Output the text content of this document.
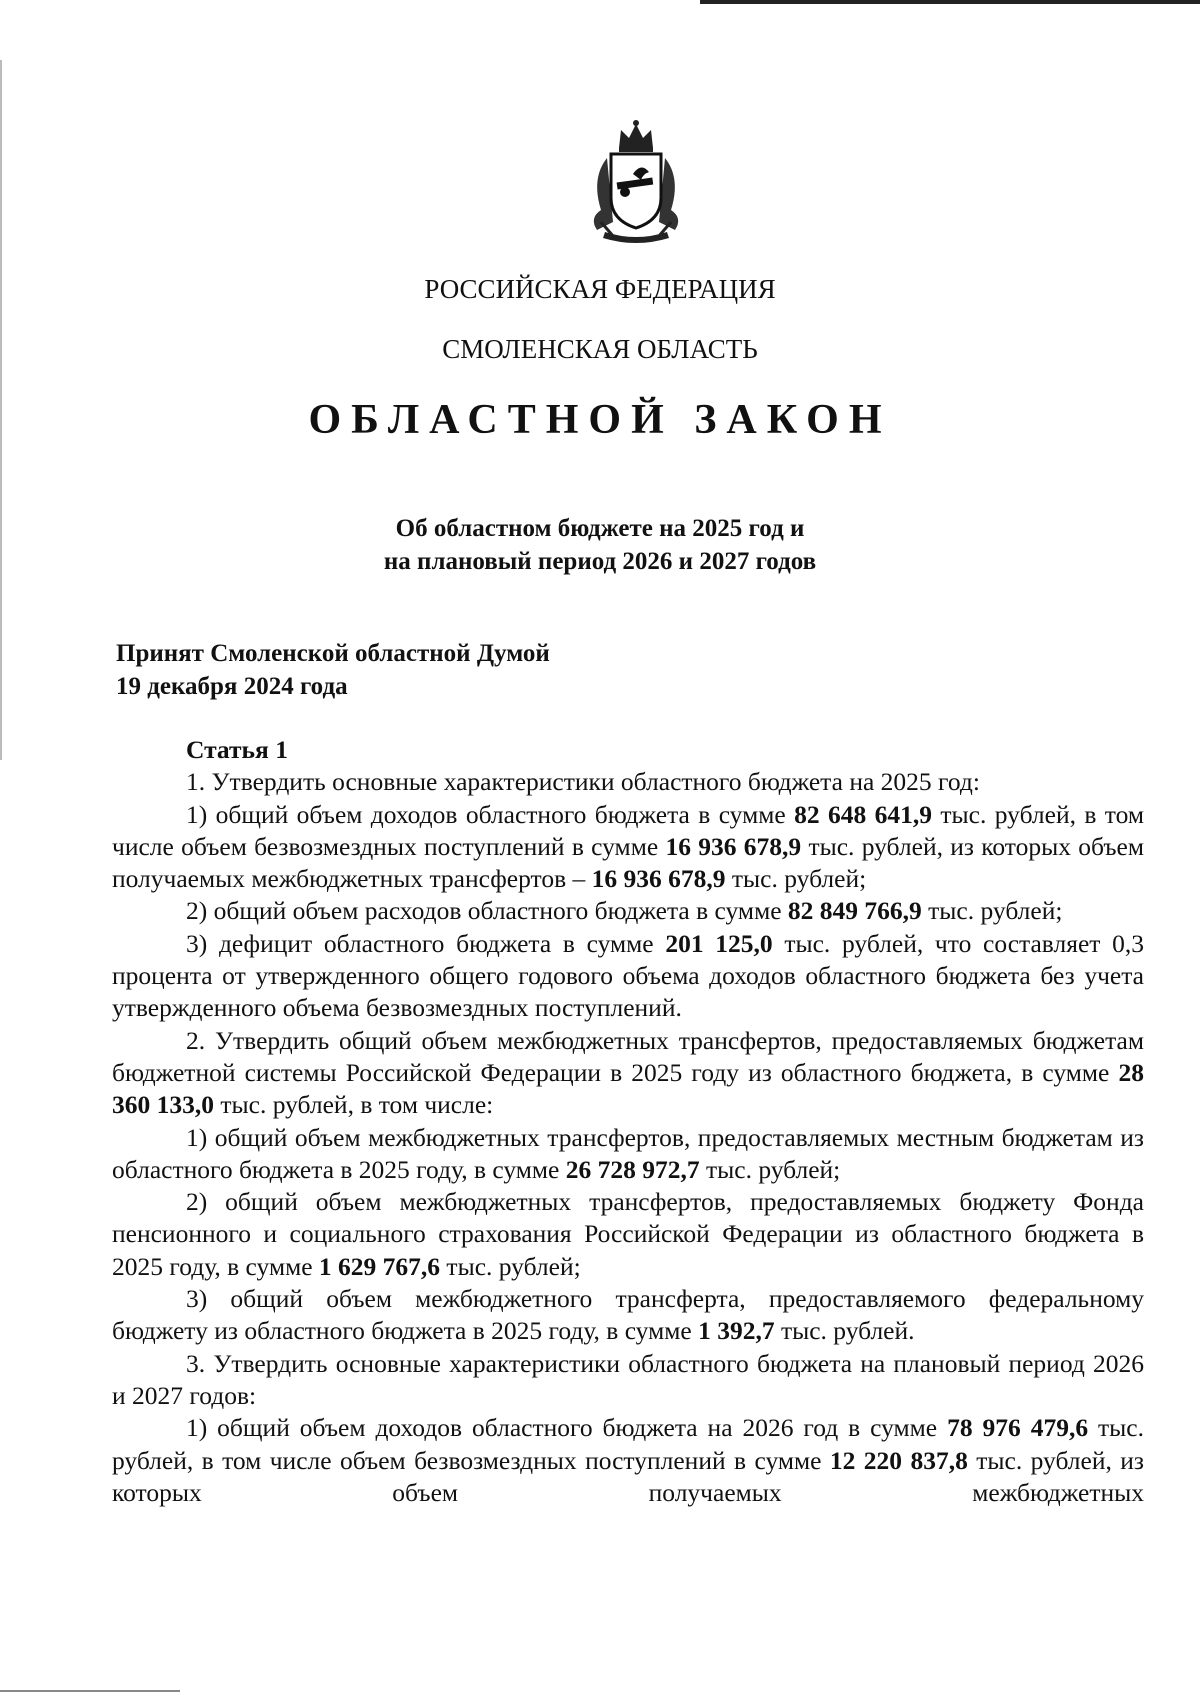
РОССИЙСКАЯ ФЕДЕРАЦИЯ
СМОЛЕНСКАЯ ОБЛАСТЬ
ОБЛАСТНОЙ ЗАКОН
Об областном бюджете на 2025 год и
на плановый период 2026 и 2027 годов
Принят Смоленской областной Думой
19 декабря 2024 года

Статья 1

1. Утвердить основные характеристики областного бюджета на 2025 год:

1) общий объем доходов областного бюджета в сумме 82 648 641,9 тыс. рублей, в том числе объем безвозмездных поступлений в сумме 16 936 678,9 тыс. рублей, из которых объем получаемых межбюджетных трансфертов – 16 936 678,9 тыс. рублей;

2) общий объем расходов областного бюджета в сумме 82 849 766,9 тыс. рублей;

3) дефицит областного бюджета в сумме 201 125,0 тыс. рублей, что составляет 0,3 процента от утвержденного общего годового объема доходов областного бюджета без учета утвержденного объема безвозмездных поступлений.

2. Утвердить общий объем межбюджетных трансфертов, предоставляемых бюджетам бюджетной системы Российской Федерации в 2025 году из областного бюджета, в сумме 28 360 133,0 тыс. рублей, в том числе:

1) общий объем межбюджетных трансфертов, предоставляемых местным бюджетам из областного бюджета в 2025 году, в сумме 26 728 972,7 тыс. рублей;

2) общий объем межбюджетных трансфертов, предоставляемых бюджету Фонда пенсионного и социального страхования Российской Федерации из областного бюджета в 2025 году, в сумме 1 629 767,6 тыс. рублей;

3) общий объем межбюджетного трансферта, предоставляемого федеральному бюджету из областного бюджета в 2025 году, в сумме 1 392,7 тыс. рублей.

3. Утвердить основные характеристики областного бюджета на плановый период 2026 и 2027 годов:

1) общий объем доходов областного бюджета на 2026 год в сумме 78 976 479,6 тыс. рублей, в том числе объем безвозмездных поступлений в сумме 12 220 837,8 тыс. рублей, из которых объем получаемых межбюджетных
